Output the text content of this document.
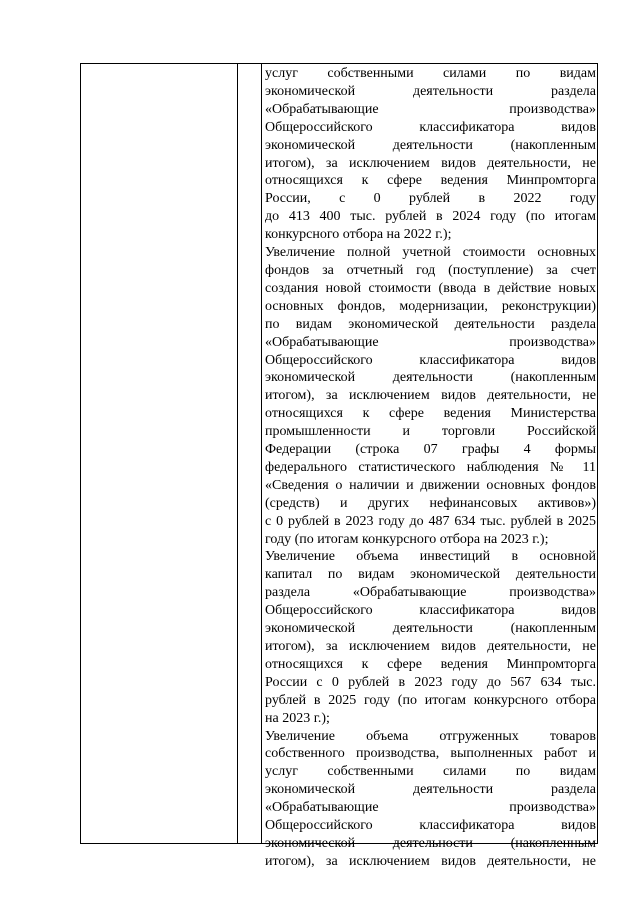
услуг собственными силами по видам
экономической деятельности раздела
«Обрабатывающие производства»
Общероссийского классификатора видов
экономической деятельности (накопленным
итогом), за исключением видов деятельности, не
относящихся к сфере ведения Минпромторга
России, с 0 рублей в 2022 году
до 413 400 тыс. рублей в 2024 году (по итогам
конкурсного отбора на 2022 г.);
Увеличение полной учетной стоимости основных
фондов за отчетный год (поступление) за счет
создания новой стоимости (ввода в действие новых
основных фондов, модернизации, реконструкции)
по видам экономической деятельности раздела
«Обрабатывающие производства»
Общероссийского классификатора видов
экономической деятельности (накопленным
итогом), за исключением видов деятельности, не
относящихся к сфере ведения Министерства
промышленности и торговли Российской
Федерации (строка 07 графы 4 формы
федерального статистического наблюдения № 11
«Сведения о наличии и движении основных фондов
(средств) и других нефинансовых активов»)
с 0 рублей в 2023 году до 487 634 тыс. рублей в 2025
году (по итогам конкурсного отбора на 2023 г.);
Увеличение объема инвестиций в основной
капитал по видам экономической деятельности
раздела «Обрабатывающие производства»
Общероссийского классификатора видов
экономической деятельности (накопленным
итогом), за исключением видов деятельности, не
относящихся к сфере ведения Минпромторга
России с 0 рублей в 2023 году до 567 634 тыс.
рублей в 2025 году (по итогам конкурсного отбора
на 2023 г.);
Увеличение объема отгруженных товаров
собственного производства, выполненных работ и
услуг собственными силами по видам
экономической деятельности раздела
«Обрабатывающие производства»
Общероссийского классификатора видов
экономической деятельности (накопленным
итогом), за исключением видов деятельности, не
